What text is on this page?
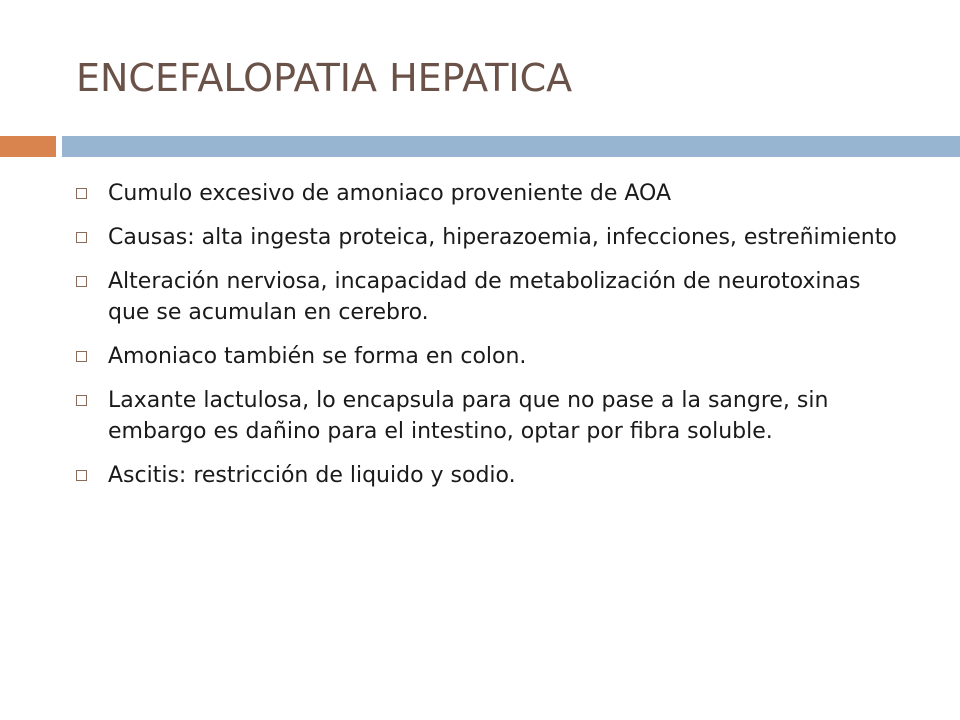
ENCEFALOPATIA HEPATICA
Cumulo excesivo de amoniaco proveniente de AOA
Causas: alta ingesta proteica, hiperazoemia, infecciones, estreñimiento
Alteración nerviosa, incapacidad de metabolización de neurotoxinas que se acumulan en cerebro.
Amoniaco también se forma en colon.
Laxante lactulosa, lo encapsula para que no pase a la sangre, sin embargo es dañino para el intestino, optar por fibra soluble.
Ascitis: restricción de liquido y sodio.
